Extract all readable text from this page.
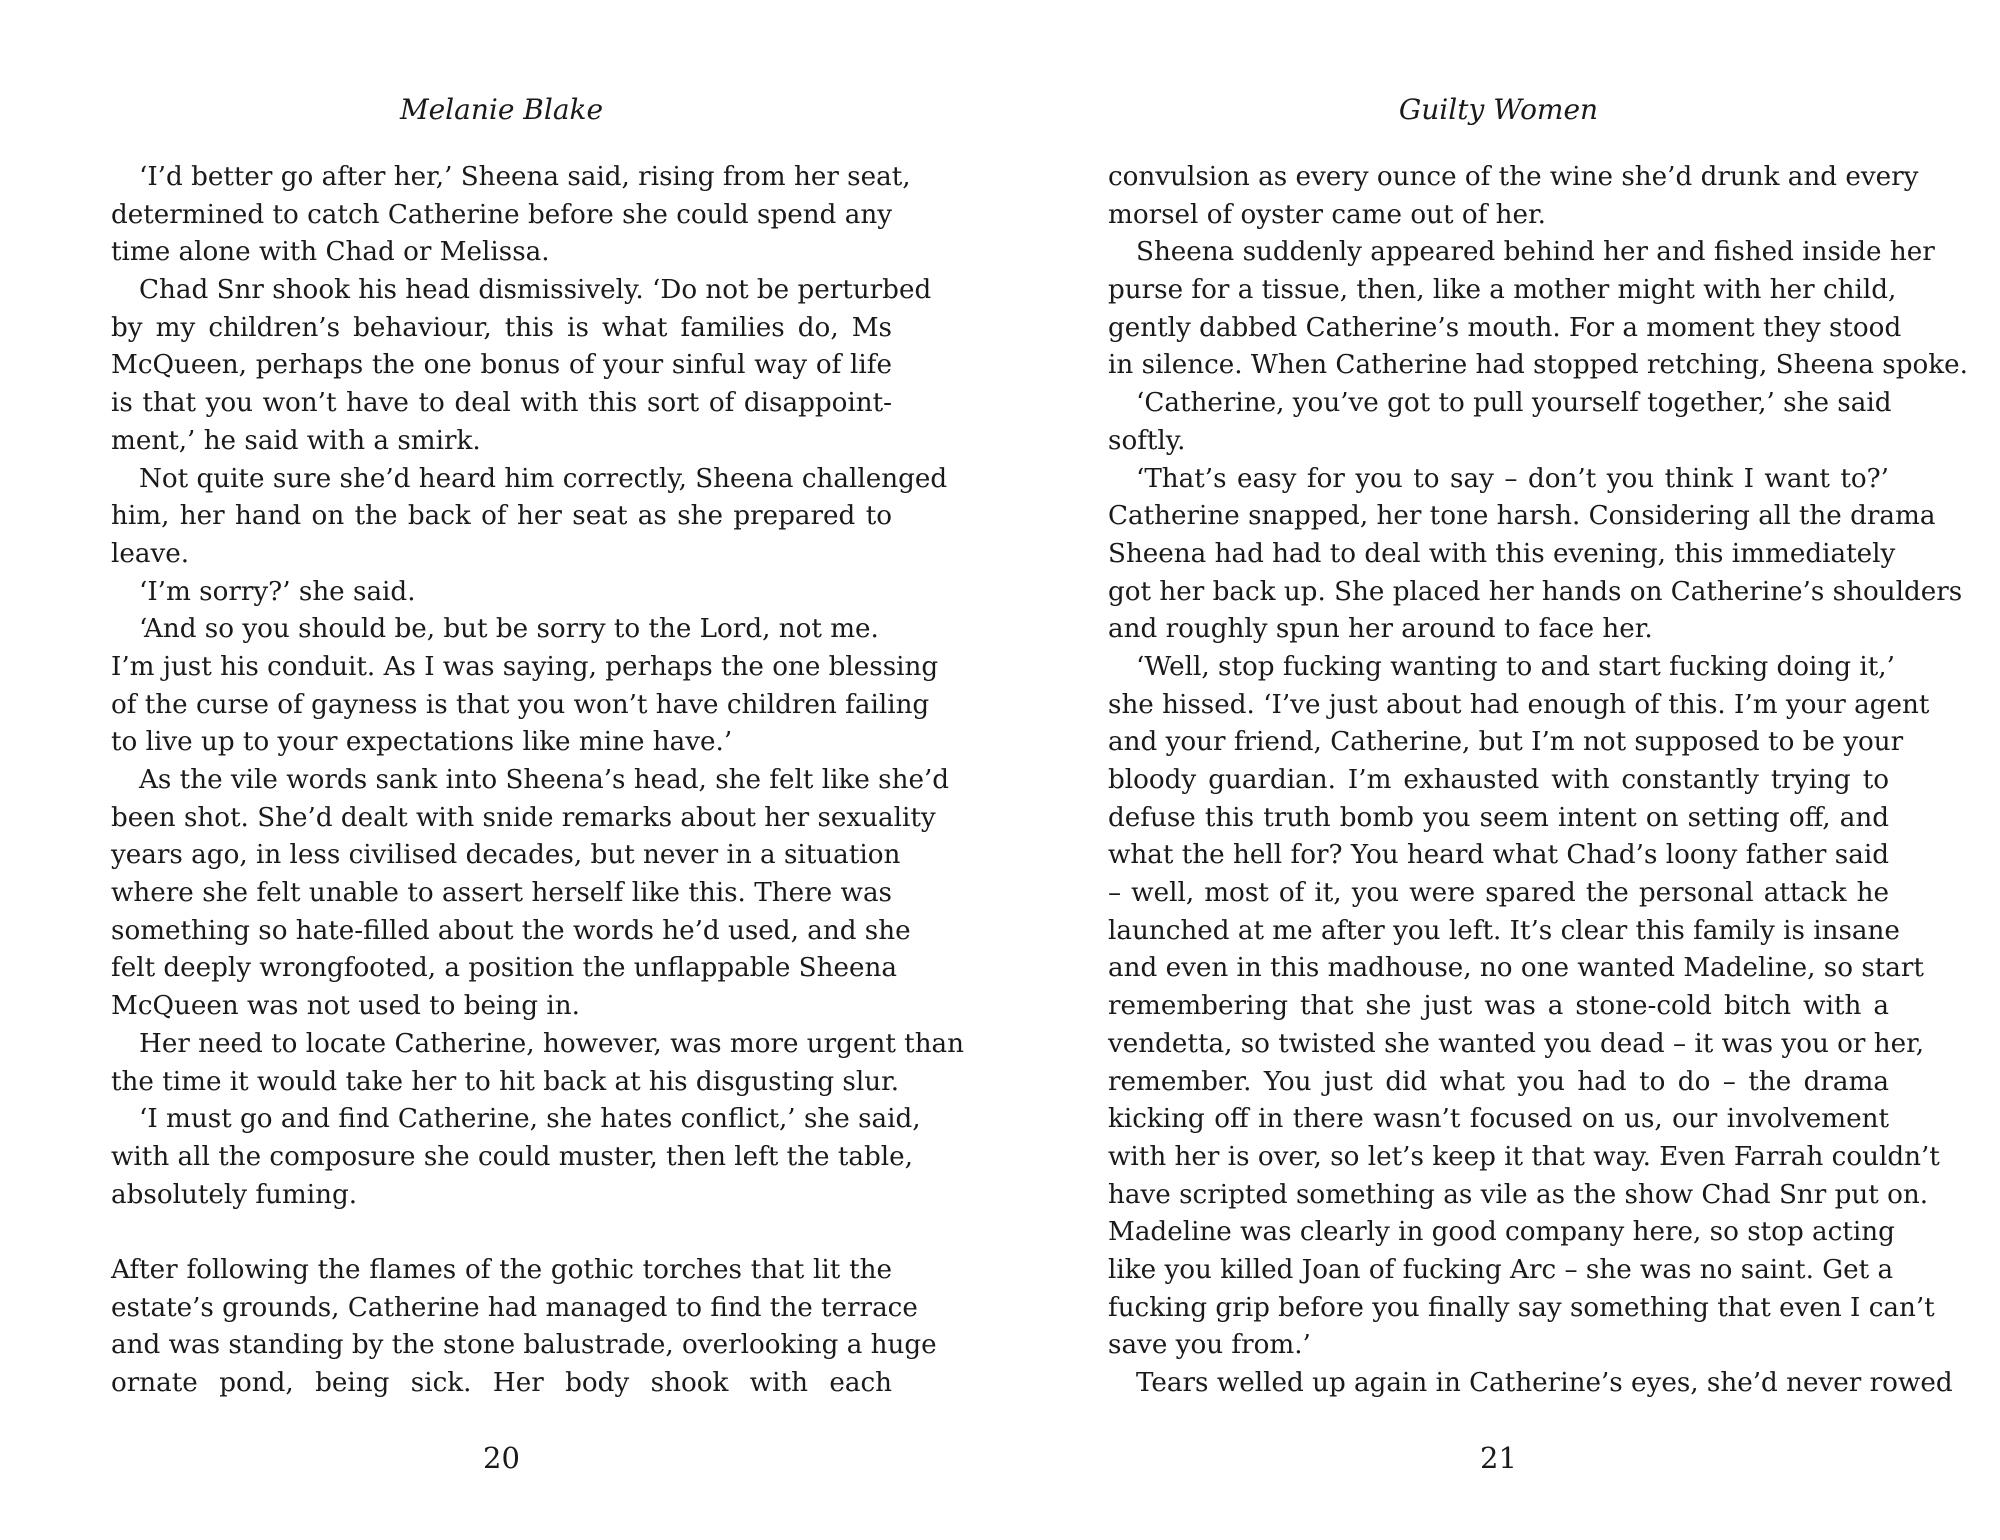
Melanie Blake
‘I’d better go after her,’ Sheena said, rising from her seat,
determined to catch Catherine before she could spend any
time alone with Chad or Melissa.
Chad Snr shook his head dismissively. ‘Do not be perturbed
by my children’s behaviour, this is what families do, Ms
McQueen, perhaps the one bonus of your sinful way of life
is that you won’t have to deal with this sort of disappoint-
ment,’ he said with a smirk.
Not quite sure she’d heard him correctly, Sheena challenged
him, her hand on the back of her seat as she prepared to
leave.
‘I’m sorry?’ she said.
‘And so you should be, but be sorry to the Lord, not me.
I’m just his conduit. As I was saying, perhaps the one blessing
of the curse of gayness is that you won’t have children failing
to live up to your expectations like mine have.’
As the vile words sank into Sheena’s head, she felt like she’d
been shot. She’d dealt with snide remarks about her sexuality
years ago, in less civilised decades, but never in a situation
where she felt unable to assert herself like this. There was
something so hate-filled about the words he’d used, and she
felt deeply wrongfooted, a position the unflappable Sheena
McQueen was not used to being in.
Her need to locate Catherine, however, was more urgent than
the time it would take her to hit back at his disgusting slur.
‘I must go and find Catherine, she hates conflict,’ she said,
with all the composure she could muster, then left the table,
absolutely fuming.
After following the flames of the gothic torches that lit the
estate’s grounds, Catherine had managed to find the terrace
and was standing by the stone balustrade, overlooking a huge
ornate pond, being sick. Her body shook with each
20
Guilty Women
convulsion as every ounce of the wine she’d drunk and every
morsel of oyster came out of her.
Sheena suddenly appeared behind her and fished inside her
purse for a tissue, then, like a mother might with her child,
gently dabbed Catherine’s mouth. For a moment they stood
in silence. When Catherine had stopped retching, Sheena spoke.
‘Catherine, you’ve got to pull yourself together,’ she said
softly.
‘That’s easy for you to say – don’t you think I want to?’
Catherine snapped, her tone harsh. Considering all the drama
Sheena had had to deal with this evening, this immediately
got her back up. She placed her hands on Catherine’s shoulders
and roughly spun her around to face her.
‘Well, stop fucking wanting to and start fucking doing it,’
she hissed. ‘I’ve just about had enough of this. I’m your agent
and your friend, Catherine, but I’m not supposed to be your
bloody guardian. I’m exhausted with constantly trying to
defuse this truth bomb you seem intent on setting off, and
what the hell for? You heard what Chad’s loony father said
– well, most of it, you were spared the personal attack he
launched at me after you left. It’s clear this family is insane
and even in this madhouse, no one wanted Madeline, so start
remembering that she just was a stone-cold bitch with a
vendetta, so twisted she wanted you dead – it was you or her,
remember. You just did what you had to do – the drama
kicking off in there wasn’t focused on us, our involvement
with her is over, so let’s keep it that way. Even Farrah couldn’t
have scripted something as vile as the show Chad Snr put on.
Madeline was clearly in good company here, so stop acting
like you killed Joan of fucking Arc – she was no saint. Get a
fucking grip before you finally say something that even I can’t
save you from.’
Tears welled up again in Catherine’s eyes, she’d never rowed
21
